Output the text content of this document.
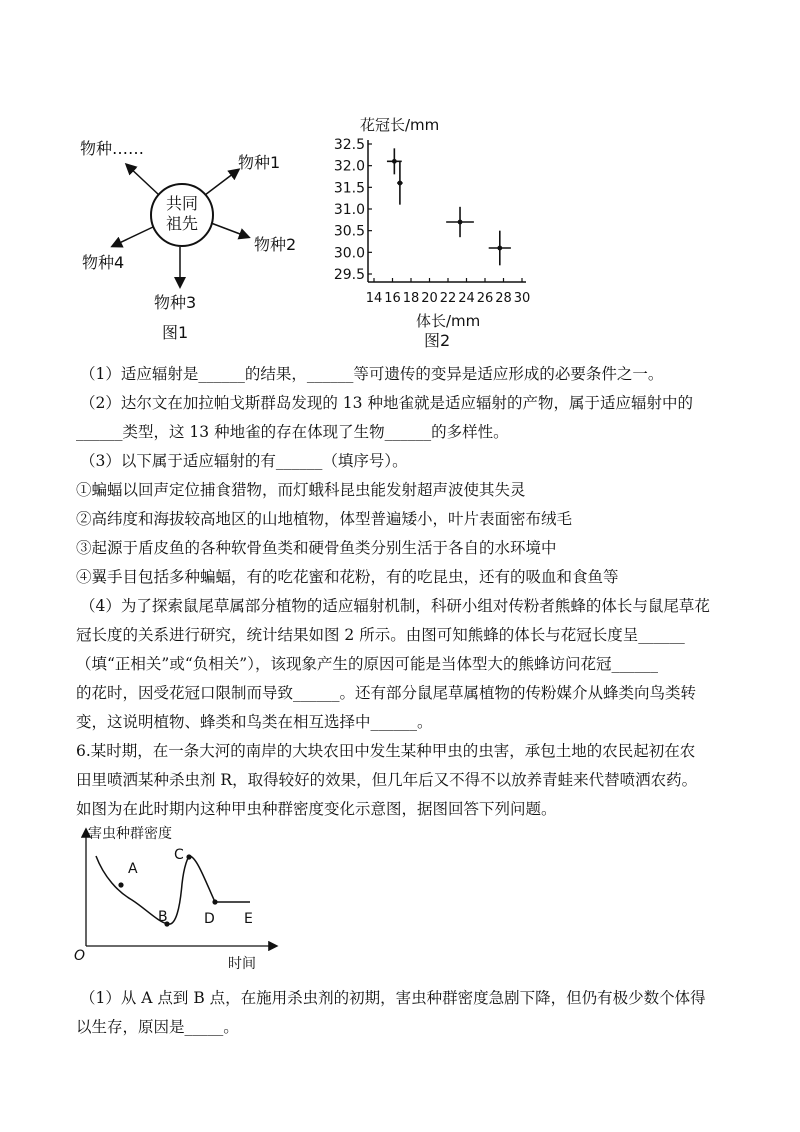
共同
祖先
物种……
物种1
物种2
物种3
物种4
图1
花冠长/mm
29.5
30.0
30.5
31.0
31.5
32.0
32.5
14 16 18 20 22 24 26 28 30
体长/mm
图2
（1）适应辐射是______的结果，______等可遗传的变异是适应形成的必要条件之一。
（2）达尔文在加拉帕戈斯群岛发现的 13 种地雀就是适应辐射的产物，属于适应辐射中的
______类型，这 13 种地雀的存在体现了生物______的多样性。
（3）以下属于适应辐射的有______（填序号）。
①蝙蝠以回声定位捕食猎物，而灯蛾科昆虫能发射超声波使其失灵
②高纬度和海拔较高地区的山地植物，体型普遍矮小，叶片表面密布绒毛
③起源于盾皮鱼的各种软骨鱼类和硬骨鱼类分别生活于各自的水环境中
④翼手目包括多种蝙蝠，有的吃花蜜和花粉，有的吃昆虫，还有的吸血和食鱼等
（4）为了探索鼠尾草属部分植物的适应辐射机制，科研小组对传粉者熊蜂的体长与鼠尾草花
冠长度的关系进行研究，统计结果如图 2 所示。由图可知熊蜂的体长与花冠长度呈______
（填“正相关”或“负相关”），该现象产生的原因可能是当体型大的熊蜂访问花冠______
的花时，因受花冠口限制而导致______。还有部分鼠尾草属植物的传粉媒介从蜂类向鸟类转
变，这说明植物、蜂类和鸟类在相互选择中______。
6.某时期，在一条大河的南岸的大块农田中发生某种甲虫的虫害，承包土地的农民起初在农
田里喷洒某种杀虫剂 R，取得较好的效果，但几年后又不得不以放养青蛙来代替喷洒农药。
如图为在此时期内这种甲虫种群密度变化示意图，据图回答下列问题。
害虫种群密度
A
B
C
D E
O	时间
（1）从 A 点到 B 点，在施用杀虫剂的初期，害虫种群密度急剧下降，但仍有极少数个体得
以生存，原因是_____。
